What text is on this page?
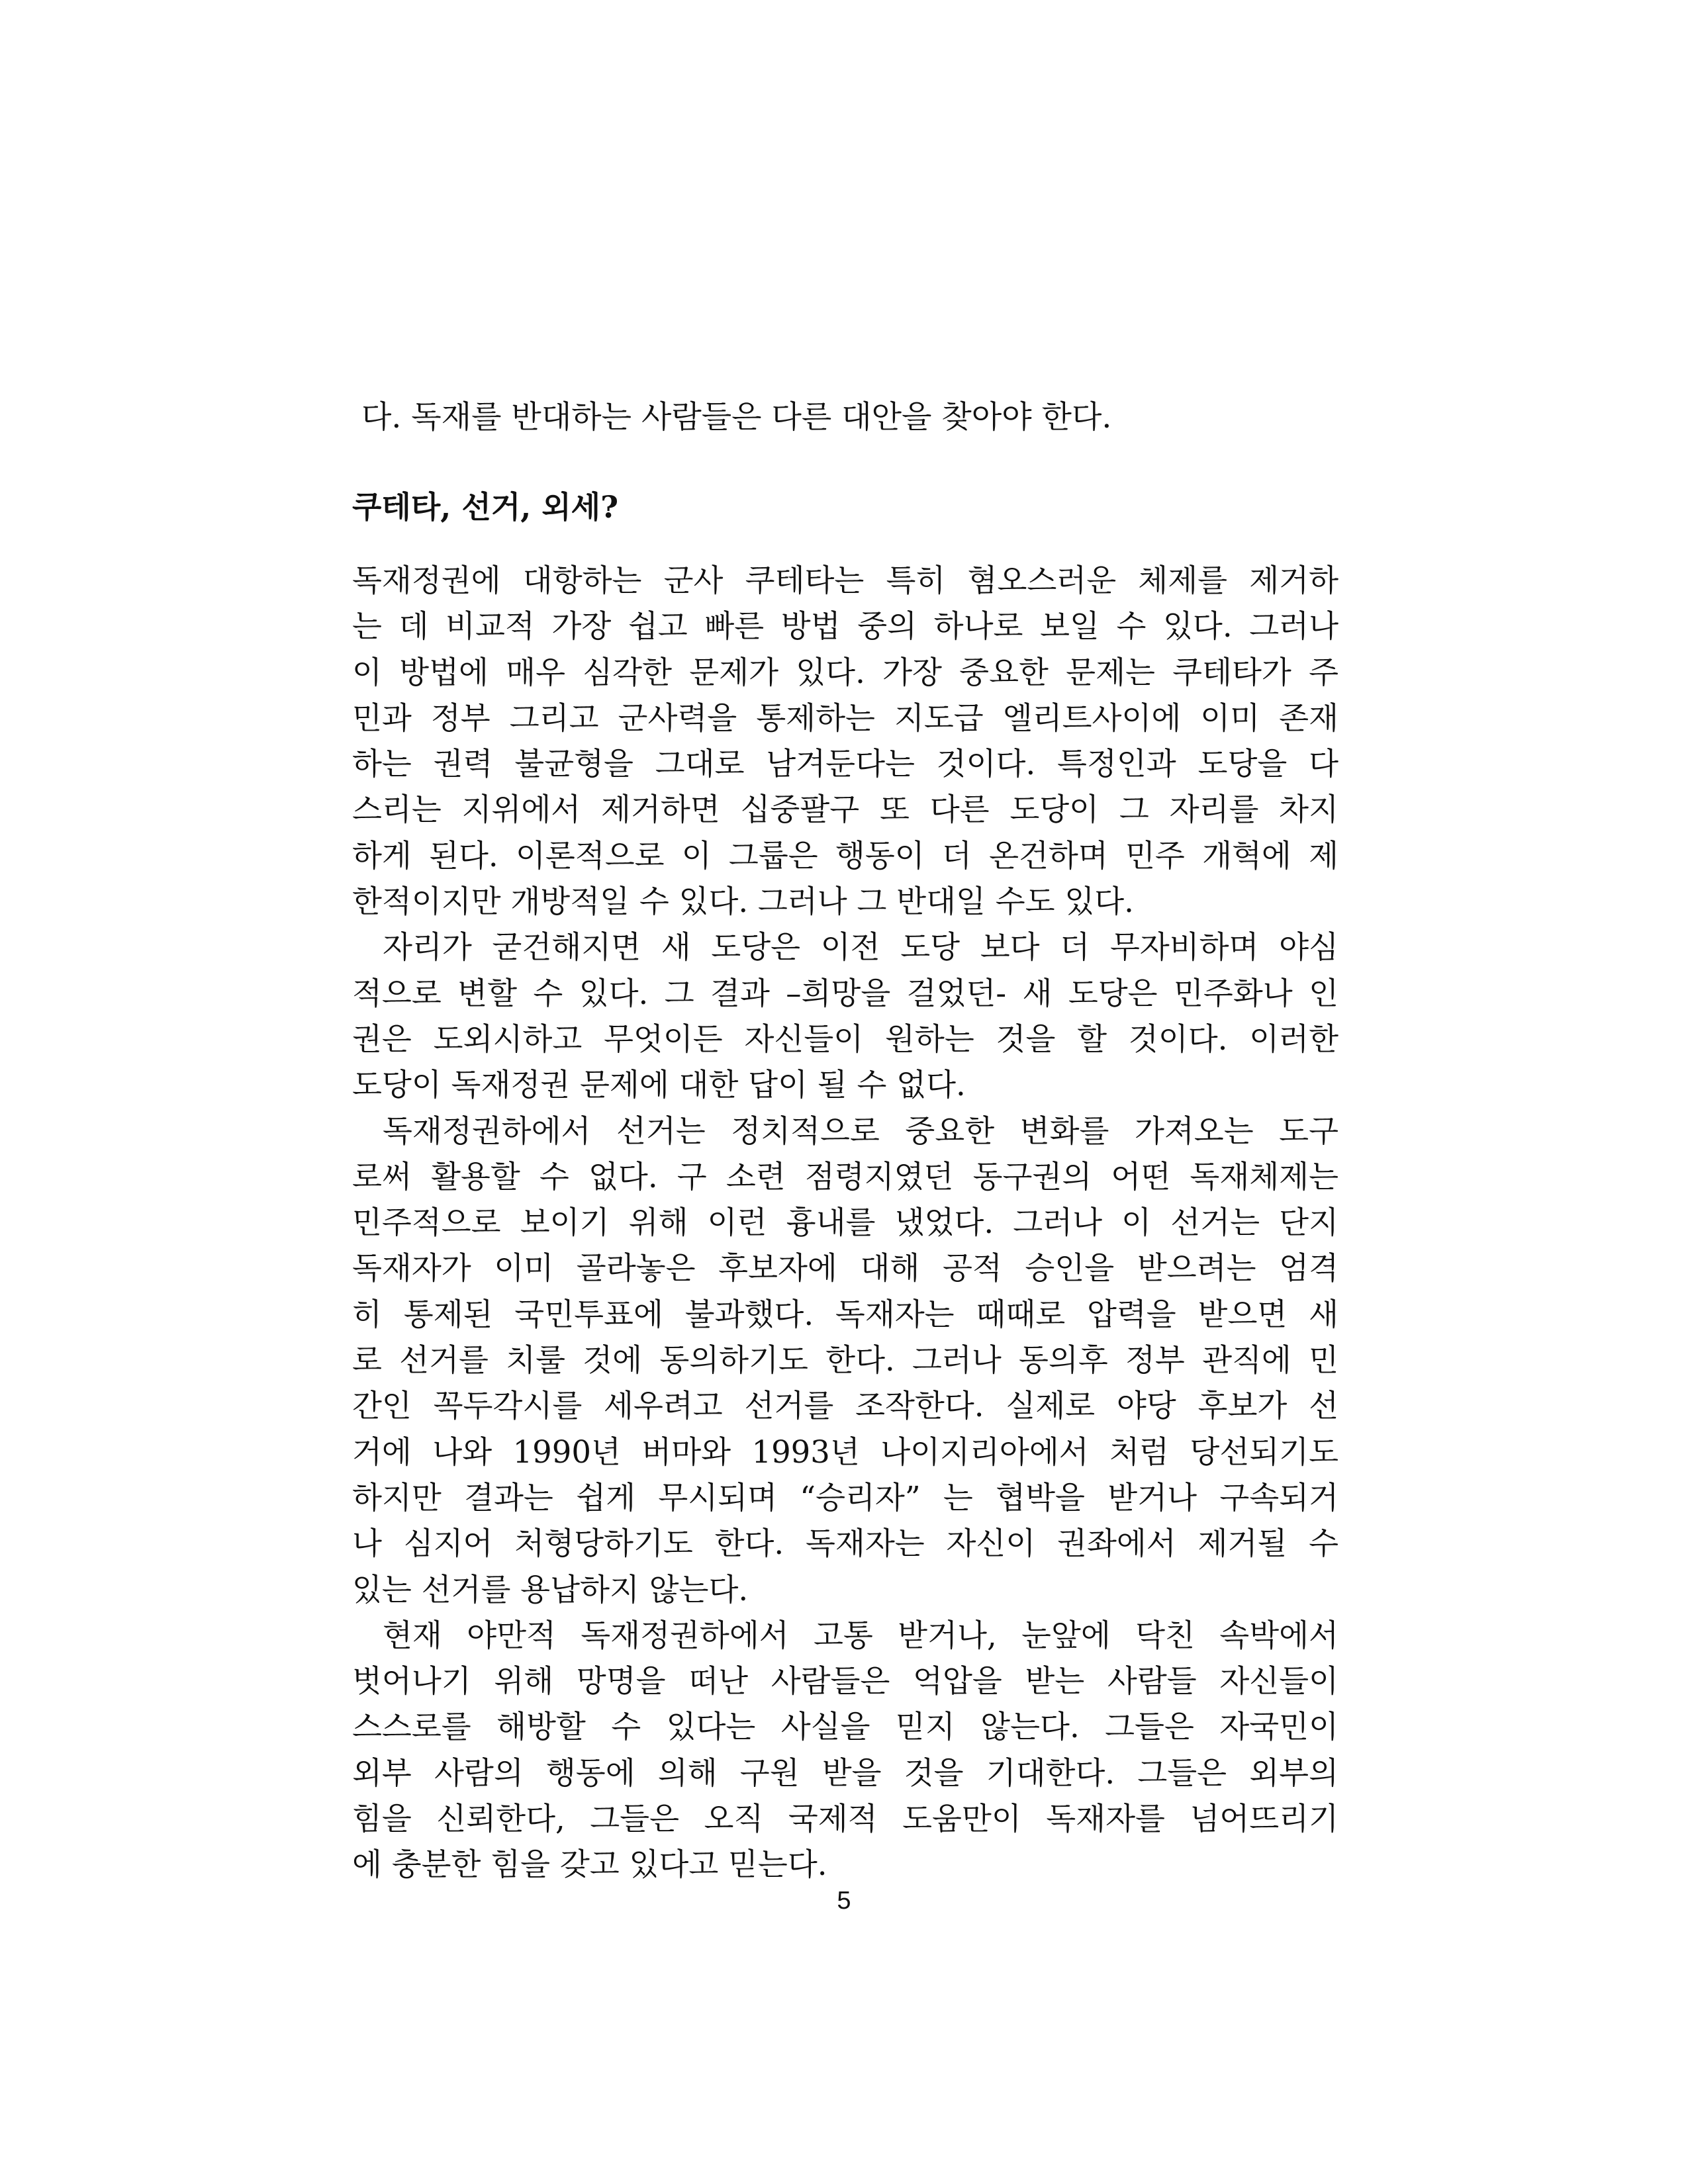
다. 독재를 반대하는 사람들은 다른 대안을 찾아야 한다.
쿠테타, 선거, 외세?
독재정권에 대항하는 군사 쿠테타는 특히 혐오스러운 체제를 제거하
는 데 비교적 가장 쉽고 빠른 방법 중의 하나로 보일 수 있다. 그러나
이 방법에 매우 심각한 문제가 있다. 가장 중요한 문제는 쿠테타가 주
민과 정부 그리고 군사력을 통제하는 지도급 엘리트사이에 이미 존재
하는 권력 불균형을 그대로 남겨둔다는 것이다. 특정인과 도당을 다
스리는 지위에서 제거하면 십중팔구 또 다른 도당이 그 자리를 차지
하게 된다. 이론적으로 이 그룹은 행동이 더 온건하며 민주 개혁에 제
한적이지만 개방적일 수 있다. 그러나 그 반대일 수도 있다.
자리가 굳건해지면 새 도당은 이전 도당 보다 더 무자비하며 야심
적으로 변할 수 있다. 그 결과 –희망을 걸었던- 새 도당은 민주화나 인
권은 도외시하고 무엇이든 자신들이 원하는 것을 할 것이다. 이러한
도당이 독재정권 문제에 대한 답이 될 수 없다.
독재정권하에서 선거는 정치적으로 중요한 변화를 가져오는 도구
로써 활용할 수 없다. 구 소련 점령지였던 동구권의 어떤 독재체제는
민주적으로 보이기 위해 이런 흉내를 냈었다. 그러나 이 선거는 단지
독재자가 이미 골라놓은 후보자에 대해 공적 승인을 받으려는 엄격
히 통제된 국민투표에 불과했다. 독재자는 때때로 압력을 받으면 새
로 선거를 치룰 것에 동의하기도 한다. 그러나 동의후 정부 관직에 민
간인 꼭두각시를 세우려고 선거를 조작한다. 실제로 야당 후보가 선
거에 나와 1990년 버마와 1993년 나이지리아에서 처럼 당선되기도
하지만 결과는 쉽게 무시되며 “승리자” 는 협박을 받거나 구속되거
나 심지어 처형당하기도 한다. 독재자는 자신이 권좌에서 제거될 수
있는 선거를 용납하지 않는다.
현재 야만적 독재정권하에서 고통 받거나, 눈앞에 닥친 속박에서
벗어나기 위해 망명을 떠난 사람들은 억압을 받는 사람들 자신들이
스스로를 해방할 수 있다는 사실을 믿지 않는다. 그들은 자국민이
외부 사람의 행동에 의해 구원 받을 것을 기대한다. 그들은 외부의
힘을 신뢰한다, 그들은 오직 국제적 도움만이 독재자를 넘어뜨리기
에 충분한 힘을 갖고 있다고 믿는다.
5
